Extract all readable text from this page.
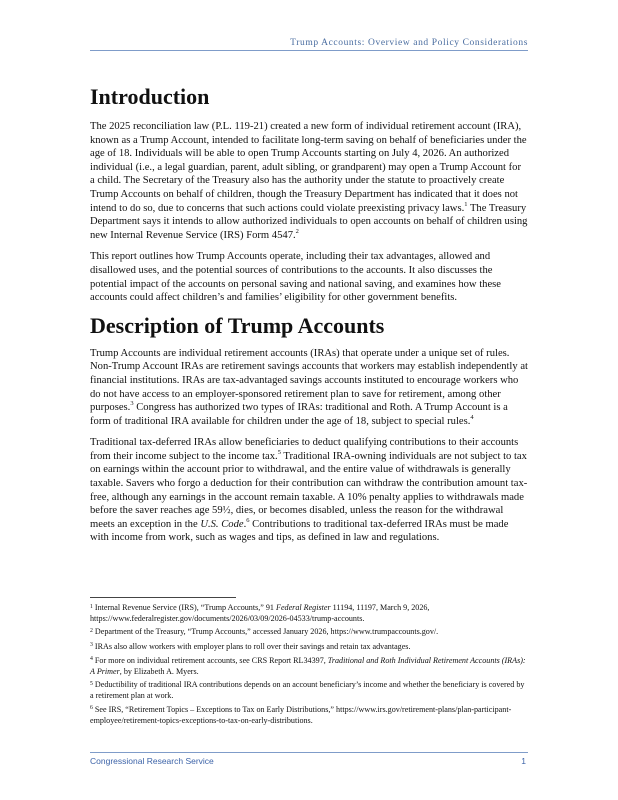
Trump Accounts: Overview and Policy Considerations
Introduction

The 2025 reconciliation law (P.L. 119-21) created a new form of individual retirement account (IRA), known as a Trump Account, intended to facilitate long-term saving on behalf of beneficiaries under the age of 18. Individuals will be able to open Trump Accounts starting on July 4, 2026. An authorized individual (i.e., a legal guardian, parent, adult sibling, or grandparent) may open a Trump Account for a child. The Secretary of the Treasury also has the authority under the statute to proactively create Trump Accounts on behalf of children, though the Treasury Department has indicated that it does not intend to do so, due to concerns that such actions could violate preexisting privacy laws.$^1$ The Treasury Department says it intends to allow authorized individuals to open accounts on behalf of children using new Internal Revenue Service (IRS) Form 4547.$^2$

This report outlines how Trump Accounts operate, including their tax advantages, allowed and disallowed uses, and the potential sources of contributions to the accounts. It also discusses the potential impact of the accounts on personal saving and national saving, and examines how these accounts could affect children’s and families’ eligibility for other government benefits.

Description of Trump Accounts

Trump Accounts are individual retirement accounts (IRAs) that operate under a unique set of rules. Non-Trump Account IRAs are retirement savings accounts that workers may establish independently at financial institutions. IRAs are tax-advantaged savings accounts instituted to encourage workers who do not have access to an employer-sponsored retirement plan to save for retirement, among other purposes.$^3$ Congress has authorized two types of IRAs: traditional and Roth. A Trump Account is a form of traditional IRA available for children under the age of 18, subject to special rules.$^4$

Traditional tax-deferred IRAs allow beneficiaries to deduct qualifying contributions to their accounts from their income subject to the income tax.$^5$ Traditional IRA-owning individuals are not subject to tax on earnings within the account prior to withdrawal, and the entire value of withdrawals is generally taxable. Savers who forgo a deduction for their contribution can withdraw the contribution amount tax-free, although any earnings in the account remain taxable. A 10% penalty applies to withdrawals made before the saver reaches age 59½, dies, or becomes disabled, unless the reason for the withdrawal meets an exception in the U.S. Code.$^6$ Contributions to traditional tax-deferred IRAs must be made with income from work, such as wages and tips, as defined in law and regulations.

$^1$ Internal Revenue Service (IRS), “Trump Accounts,” 91 Federal Register 11194, 11197, March 9, 2026, https://www.federalregister.gov/documents/2026/03/09/2026-04533/trump-accounts.

$^2$ Department of the Treasury, “Trump Accounts,” accessed January 2026, https://www.trumpaccounts.gov/.

$^3$ IRAs also allow workers with employer plans to roll over their savings and retain tax advantages.

$^4$ For more on individual retirement accounts, see CRS Report RL34397, Traditional and Roth Individual Retirement Accounts (IRAs): A Primer, by Elizabeth A. Myers.

$^5$ Deductibility of traditional IRA contributions depends on an account beneficiary’s income and whether the beneficiary is covered by a retirement plan at work.

$^6$ See IRS, “Retirement Topics – Exceptions to Tax on Early Distributions,” https://www.irs.gov/retirement-plans/plan-participant-employee/retirement-topics-exceptions-to-tax-on-early-distributions.

Congressional Research Service	1
